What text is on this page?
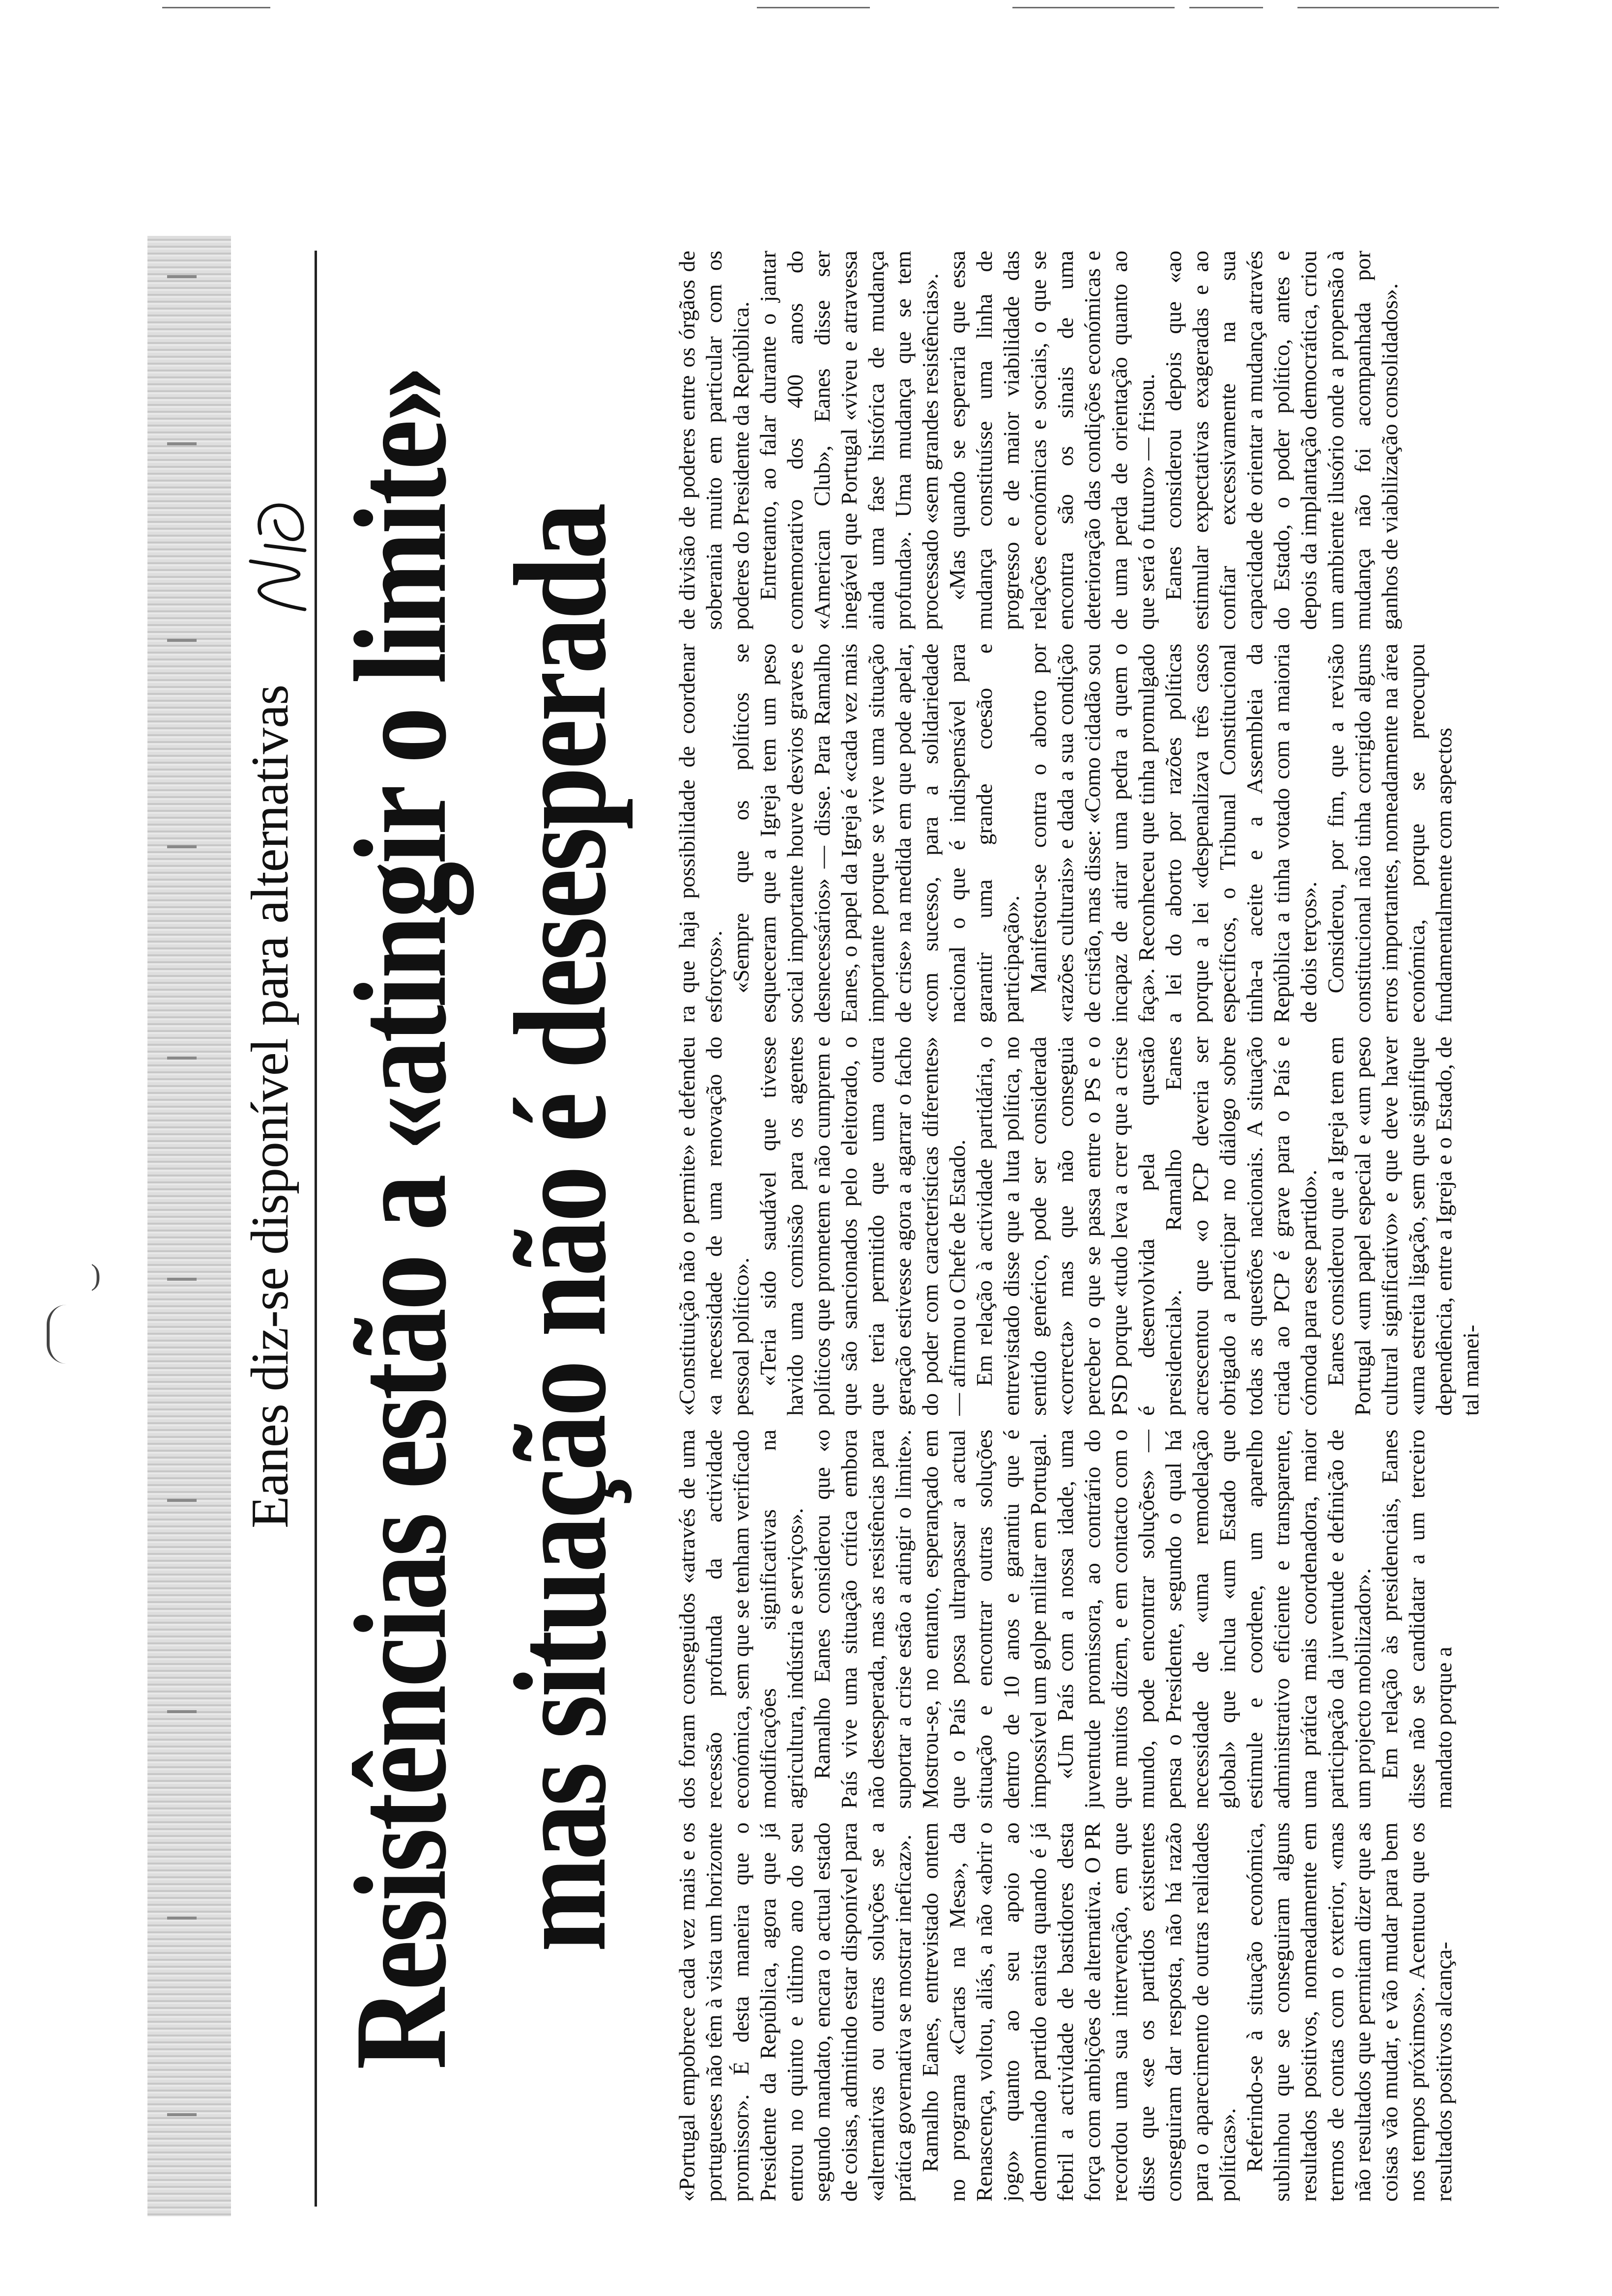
)	Eanes diz-se disponível para alternativas Resistências estão a «atingir o limite» mas situação não é desesperada

«Portugal empobrece cada vez mais e os portugueses não têm à vista um horizonte promissor». É desta maneira que o Presidente da República, agora que já entrou no quinto e último ano do seu segundo mandato, encara o actual estado de coisas, admitindo estar disponível para «alternativas ou outras soluções se a prática governativa se mostrar ineficaz». Ramalho Eanes, entrevistado ontem no programa «Cartas na Mesa», da Renascença, voltou, aliás, a não «abrir o jogo» quanto ao seu apoio ao denominado partido eanista quando é já febril a actividade de bastidores desta força com ambições de alternativa. O PR recordou uma sua intervenção, em que disse que «se os partidos existentes conseguiram dar resposta, não há razão para o aparecimento de outras realidades políticas». Referindo-se à situação económica, sublinhou que se conseguiram alguns resultados positivos, nomeadamente em termos de contas com o exterior, «mas não resultados que permitam dizer que as coisas vão mudar, e vão mudar para bem nos tempos próximos». Acentuou que os resultados positivos alcança-

dos foram conseguidos «através de uma recessão profunda da actividade económica, sem que se tenham verificado modificações significativas na agricultura, indústria e serviços». Ramalho Eanes considerou que «o País vive uma situação crítica embora não desesperada, mas as resistências para suportar a crise estão a atingir o limite». Mostrou-se, no entanto, esperançado em que o País possa ultrapassar a actual situação e encontrar outras soluções dentro de 10 anos e garantiu que é impossível um golpe militar em Portugal. «Um País com a nossa idade, uma juventude promissora, ao contrário do que muitos dizem, e em contacto com o mundo, pode encontrar soluções» — pensa o Presidente, segundo o qual há necessidade de «uma remodelação global» que inclua «um Estado que estimule e coordene, um aparelho administrativo eficiente e transparente, uma prática mais coordenadora, maior participação da juventude e definição de um projecto mobilizador». Em relação às presidenciais, Eanes disse não se candidatar a um terceiro mandato porque a

«Constituição não o permite» e defendeu «a necessidade de uma renovação do pessoal político». «Teria sido saudável que tivesse havido uma comissão para os agentes políticos que prometem e não cumprem e que são sancionados pelo eleitorado, o que teria permitido que uma outra geração estivesse agora a agarrar o facho do poder com características diferentes» — afirmou o Chefe de Estado. Em relação à actividade partidária, o entrevistado disse que a luta política, no sentido genérico, pode ser considerada «correcta» mas que não conseguia perceber o que se passa entre o PS e o PSD porque «tudo leva a crer que a crise é desenvolvida pela questão presidencial». Ramalho Eanes acrescentou que «o PCP deveria ser obrigado a participar no diálogo sobre todas as questões nacionais. A situação criada ao PCP é grave para o País e cómoda para esse partido». Eanes considerou que a Igreja tem em Portugal «um papel especial e «um peso cultural significativo» e que deve haver «uma estreita ligação, sem que signifique dependência, entre a Igreja e o Estado, de tal manei-

ra que haja possibilidade de coordenar esforços». «Sempre que os políticos se esqueceram que a Igreja tem um peso social importante houve desvios graves e desnecessários» — disse. Para Ramalho Eanes, o papel da Igreja é «cada vez mais importante porque se vive uma situação de crise» na medida em que pode apelar, «com sucesso, para a solidariedade nacional o que é indispensável para garantir uma grande coesão e participação». Manifestou-se contra o aborto por «razões culturais» e dada a sua condição de cristão, mas disse: «Como cidadão sou incapaz de atirar uma pedra a quem o faça». Reconheceu que tinha promulgado a lei do aborto por razões políticas porque a lei «despenalizava três casos específicos, o Tribunal Constitucional tinha-a aceite e a Assembleia da República a tinha votado com a maioria de dois terços». Considerou, por fim, que a revisão constitucional não tinha corrigido alguns erros importantes, nomeadamente na área económica, porque se preocupou fundamentalmente com aspectos

de divisão de poderes entre os órgãos de soberania muito em particular com os poderes do Presidente da República. Entretanto, ao falar durante o jantar comemorativo dos 400 anos do «American Club», Eanes disse ser inegável que Portugal «viveu e atravessa ainda uma fase histórica de mudança profunda». Uma mudança que se tem processado «sem grandes resistências». «Mas quando se esperaria que essa mudança constituísse uma linha de progresso e de maior viabilidade das relações económicas e sociais, o que se encontra são os sinais de uma deterioração das condições económicas e de uma perda de orientação quanto ao que será o futuro» — frisou. Eanes considerou depois que «ao estimular expectativas exageradas e ao confiar excessivamente na sua capacidade de orientar a mudança através do Estado, o poder político, antes e depois da implantação democrática, criou um ambiente ilusório onde a propensão à mudança não foi acompanhada por ganhos de viabilização consolidados».
